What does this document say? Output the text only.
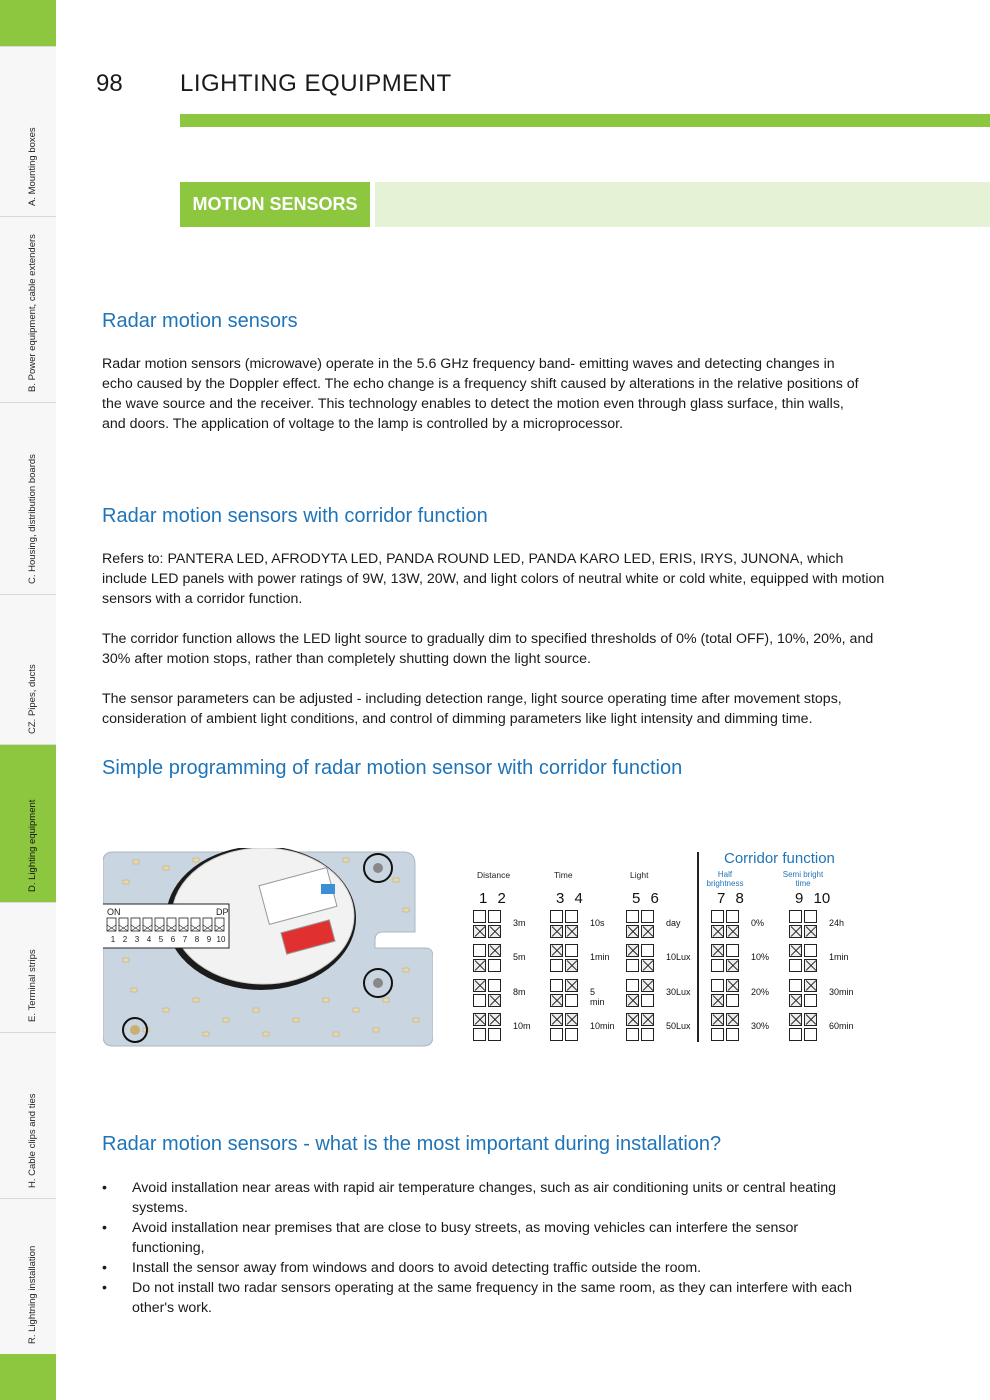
A. Mounting boxes
B. Power equipment, cable extenders
C. Housing, distribution boards
CZ. Pipes, ducts
D. Lighting equipment
E. Terminal strips
H. Cable clips and ties
R. Lightning installation
98 LIGHTING EQUIPMENT
MOTION SENSORS
Radar motion sensors

Radar motion sensors (microwave) operate in the 5.6 GHz frequency band- emitting waves and detecting changes in echo caused by the Doppler effect. The echo change is a frequency shift caused by alterations in the relative positions of the wave source and the receiver. This technology enables to detect the motion even through glass surface, thin walls, and doors. The application of voltage to the lamp is controlled by a microprocessor.

Radar motion sensors with corridor function

Refers to: PANTERA LED, AFRODYTA LED, PANDA ROUND LED, PANDA KARO LED, ERIS, IRYS, JUNONA, which include LED panels with power ratings of 9W, 13W, 20W, and light colors of neutral white or cold white, equipped with motion sensors with a corridor function.

The corridor function allows the LED light source to gradually dim to specified thresholds of 0% (total OFF), 10%, 20%, and 30% after motion stops, rather than completely shutting down the light source.

The sensor parameters can be adjusted - including detection range, light source operating time after movement stops, consideration of ambient light conditions, and control of dimming parameters like light intensity and dimming time.

Simple programming of radar motion sensor with corridor function
ON	DP
1 2 3 4 5 6 7 8 9 10
Corridor function
Distance
1 2
3m
5m
8m
10m
Time
3 4
10s
1min
5 min
10min
Light
5 6
day
10Lux
30Lux
50Lux
Half brightness
7 8
0%
10%
20%
30%
Semi bright time
9 10
24h
1min
30min
60min
Radar motion sensors - what is the most important during installation?
• Avoid installation near areas with rapid air temperature changes, such as air conditioning units or central heating systems.
• Avoid installation near premises that are close to busy streets, as moving vehicles can interfere the sensor functioning,
• Install the sensor away from windows and doors to avoid detecting traffic outside the room.
• Do not install two radar sensors operating at the same frequency in the same room, as they can interfere with each other's work.
